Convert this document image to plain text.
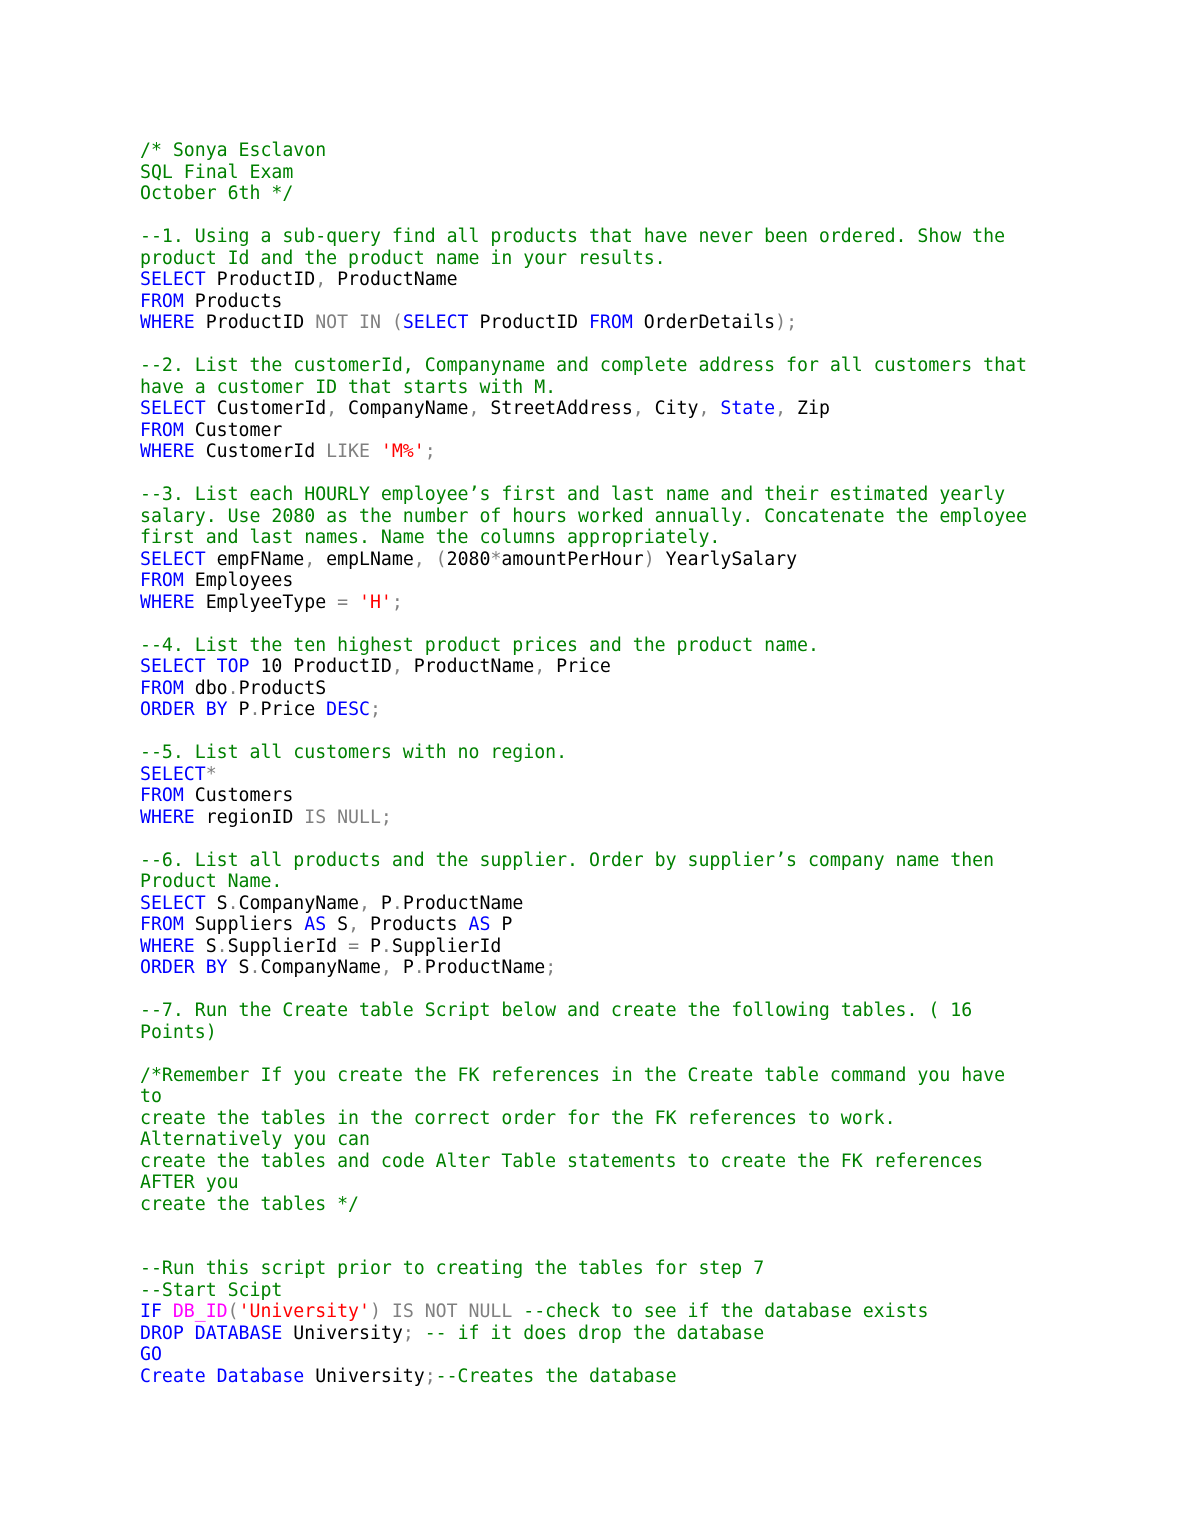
/* Sonya Esclavon
SQL Final Exam
October 6th */
--1. Using a sub-query find all products that have never been ordered. Show the
product Id and the product name in your results.
SELECT ProductID, ProductName
FROM Products
WHERE ProductID NOT IN (SELECT ProductID FROM OrderDetails);
--2. List the customerId, Companyname and complete address for all customers that
have a customer ID that starts with M.
SELECT CustomerId, CompanyName, StreetAddress, City, State, Zip
FROM Customer
WHERE CustomerId LIKE 'M%';
--3. List each HOURLY employee’s first and last name and their estimated yearly
salary. Use 2080 as the number of hours worked annually. Concatenate the employee
first and last names. Name the columns appropriately.
SELECT empFName, empLName, (2080*amountPerHour) YearlySalary
FROM Employees
WHERE EmplyeeType = 'H';
--4. List the ten highest product prices and the product name.
SELECT TOP 10 ProductID, ProductName, Price
FROM dbo.ProductS
ORDER BY P.Price DESC;
--5. List all customers with no region.
SELECT*
FROM Customers
WHERE regionID IS NULL;
--6. List all products and the supplier. Order by supplier’s company name then
Product Name.
SELECT S.CompanyName, P.ProductName
FROM Suppliers AS S, Products AS P
WHERE S.SupplierId = P.SupplierId
ORDER BY S.CompanyName, P.ProductName;
--7. Run the Create table Script below and create the following tables. ( 16
Points)
/*Remember If you create the FK references in the Create table command you have
to
create the tables in the correct order for the FK references to work.
Alternatively you can
create the tables and code Alter Table statements to create the FK references
AFTER you
create the tables */
--Run this script prior to creating the tables for step 7
--Start Scipt
IF DB_ID('University') IS NOT NULL --check to see if the database exists
DROP DATABASE University; -- if it does drop the database
GO
Create Database University;--Creates the database
